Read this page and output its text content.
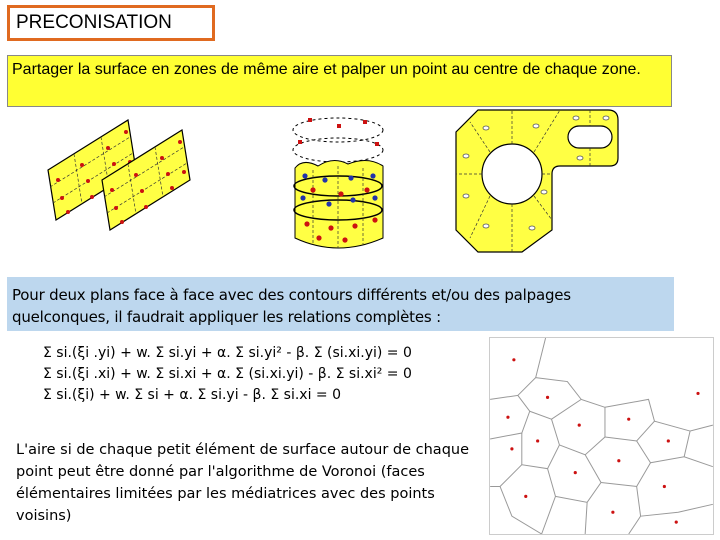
PRECONISATION
Partager la surface en zones de même aire et palper un point au centre de chaque zone.
Pour deux plans face à face avec des contours différents et/ou des palpages quelconques, il faudrait appliquer les relations complètes :
Σ si.(ξi .yi) + w. Σ si.yi + α. Σ si.yi² - β. Σ (si.xi.yi) = 0
Σ si.(ξi .xi) + w. Σ si.xi + α. Σ (si.xi.yi) - β. Σ si.xi² = 0
Σ si.(ξi) + w. Σ si + α. Σ si.yi - β. Σ si.xi = 0
L'aire si de chaque petit élément de surface autour de chaque point peut être donné par l'algorithme de Voronoi (faces élémentaires limitées par les médiatrices avec des points voisins)
